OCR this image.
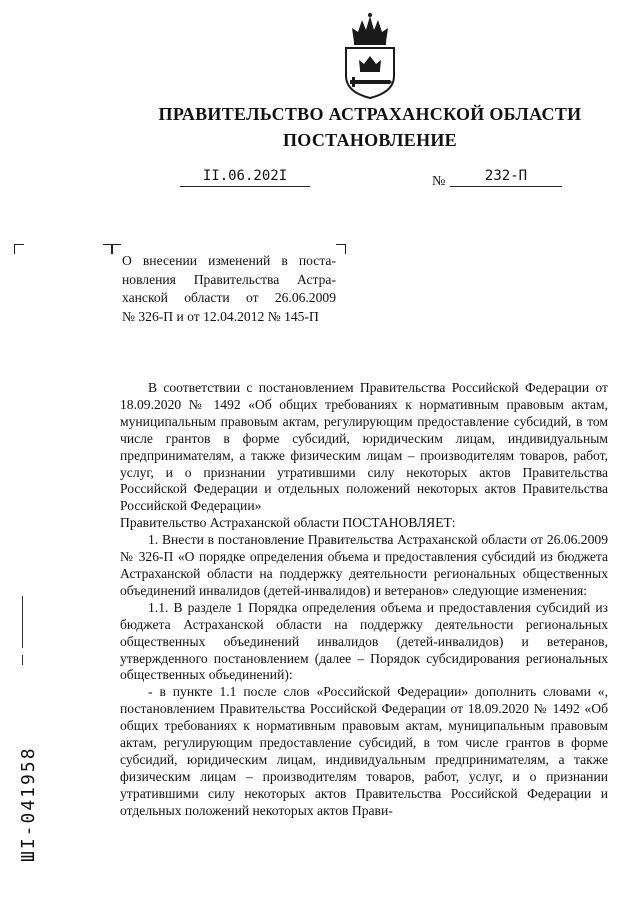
ПРАВИТЕЛЬСТВО АСТРАХАНСКОЙ ОБЛАСТИ
ПОСТАНОВЛЕНИЕ
II.06.202I	№	232-П
О внесении изменений в поста-
новления Правительства Астра-
ханской области от 26.06.2009
№ 326-П и от 12.04.2012 № 145-П

В соответствии с постановлением Правительства Российской Федерации от 18.09.2020 № 1492 «Об общих требованиях к нормативным правовым актам, муниципальным правовым актам, регулирующим предоставление субсидий, в том числе грантов в форме субсидий, юридическим лицам, индивидуальным предпринимателям, а также физическим лицам – производителям товаров, работ, услуг, и о признании утратившими силу некоторых актов Правительства Российской Федерации и отдельных положений некоторых актов Правительства Российской Федерации»

Правительство Астраханской области ПОСТАНОВЛЯЕТ:

1. Внести в постановление Правительства Астраханской области от 26.06.2009 № 326-П «О порядке определения объема и предоставления субсидий из бюджета Астраханской области на поддержку деятельности региональных общественных объединений инвалидов (детей-инвалидов) и ветеранов» следующие изменения:

1.1. В разделе 1 Порядка определения объема и предоставления субсидий из бюджета Астраханской области на поддержку деятельности региональных общественных объединений инвалидов (детей-инвалидов) и ветеранов, утвержденного постановлением (далее – Порядок субсидирования региональных общественных объединений):

- в пункте 1.1 после слов «Российской Федерации» дополнить словами «, постановлением Правительства Российской Федерации от 18.09.2020 № 1492 «Об общих требованиях к нормативным правовым актам, муниципальным правовым актам, регулирующим предоставление субсидий, в том числе грантов в форме субсидий, юридическим лицам, индивидуальным предпринимателям, а также физическим лицам – производителям товаров, работ, услуг, и о признании утратившими силу некоторых актов Правительства Российской Федерации и отдельных положений некоторых актов Прави-

ШI-041958
